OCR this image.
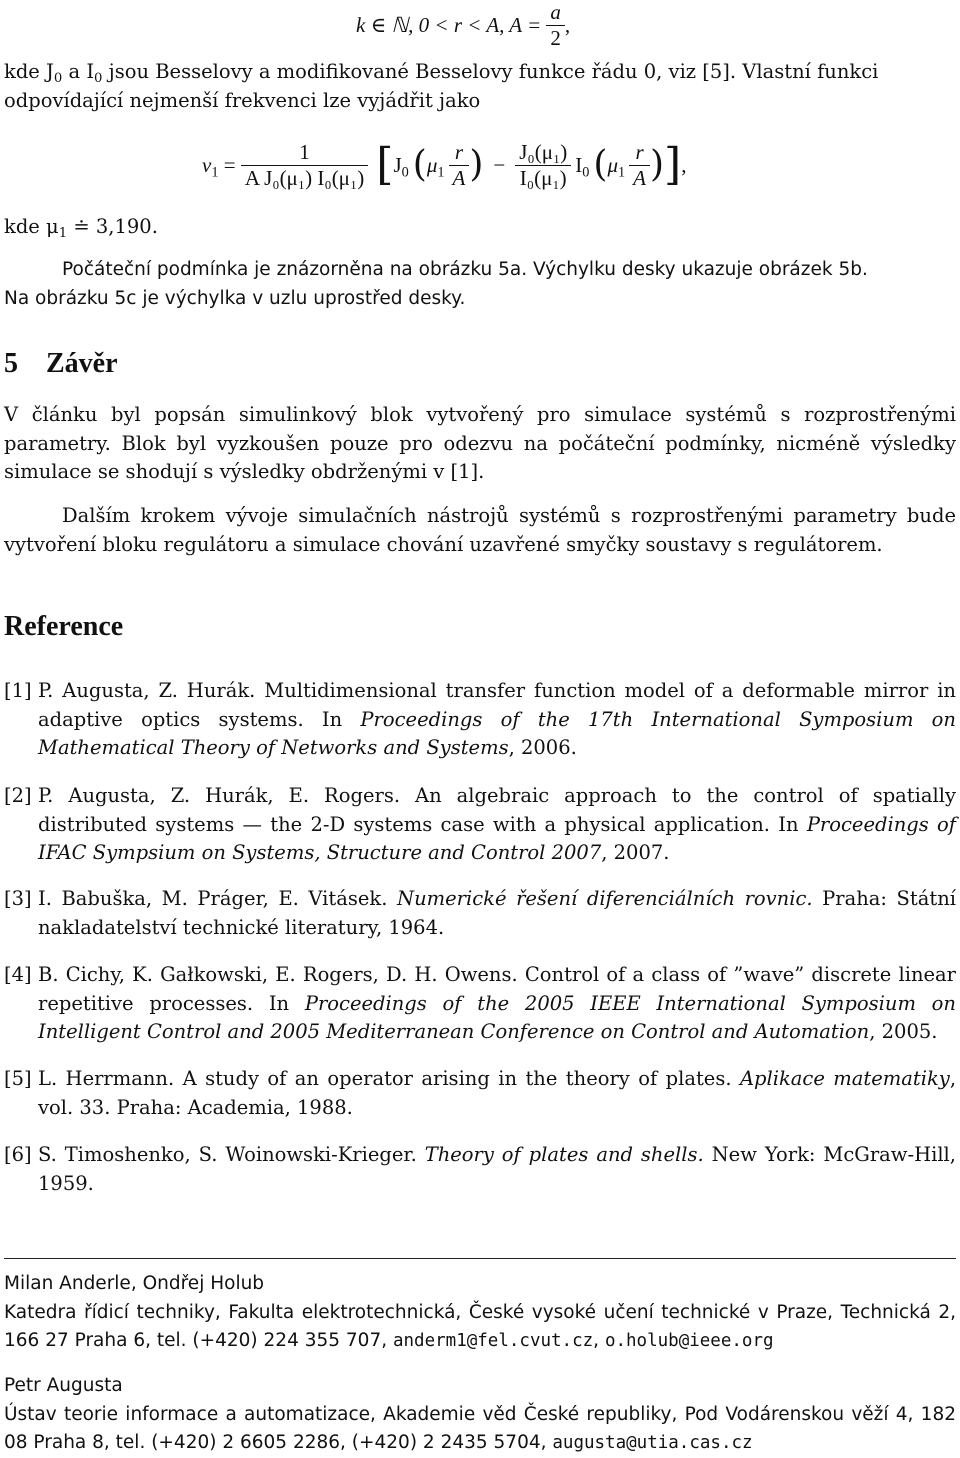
k ∈ ℕ, 0 < r < A, $A = \frac{a}{2}$ ,
kde $J_0$ a $I_0$ jsou Besselovy a modifikované Besselovy funkce řádu 0, viz [5]. Vlastní funkci
odpovídající nejmenší frekvenci lze vyjádřit jako
$v_1 = \frac{1}{\text{A J₀(μ₁) I₀(μ₁)}}$ [ $J_0$ ( $\mu_1 \frac{r}{A}$ ) − $\frac{\text{J₀(μ₁)}}{\text{I₀(μ₁)}} I_0$ ( $\mu_1 \frac{r}{A}$ ) ] ,
kde $\mu_1$ ≐ 3,190.
Počáteční podmínka je znázorněna na obrázku 5a. Výchylku desky ukazuje obrázek 5b.
Na obrázku 5c je výchylka v uzlu uprostřed desky.
5 Závěr
V článku byl popsán simulinkový blok vytvořený pro simulace systémů s rozprostřenými parametry. Blok byl vyzkoušen pouze pro odezvu na počáteční podmínky, nicméně výsledky simulace se shodují s výsledky obdrženými v [1].
Dalším krokem vývoje simulačních nástrojů systémů s rozprostřenými parametry bude vytvoření bloku regulátoru a simulace chování uzavřené smyčky soustavy s regulátorem.
Reference
[1] P. Augusta, Z. Hurák. Multidimensional transfer function model of a deformable mirror in adaptive optics systems. In Proceedings of the 17th International Symposium on Mathematical Theory of Networks and Systems, 2006.
[2] P. Augusta, Z. Hurák, E. Rogers. An algebraic approach to the control of spatially distributed systems — the 2-D systems case with a physical application. In Proceedings of IFAC Sympsium on Systems, Structure and Control 2007, 2007.
[3] I. Babuška, M. Práger, E. Vitásek. Numerické řešení diferenciálních rovnic. Praha: Státní nakladatelství technické literatury, 1964.
[4] B. Cichy, K. Gałkowski, E. Rogers, D. H. Owens. Control of a class of ”wave” discrete linear repetitive processes. In Proceedings of the 2005 IEEE International Symposium on Intelligent Control and 2005 Mediterranean Conference on Control and Automation, 2005.
[5] L. Herrmann. A study of an operator arising in the theory of plates. Aplikace matematiky, vol. 33. Praha: Academia, 1988.
[6] S. Timoshenko, S. Woinowski-Krieger. Theory of plates and shells. New York: McGraw-Hill, 1959.
Milan Anderle, Ondřej Holub
Katedra řídicí techniky, Fakulta elektrotechnická, České vysoké učení technické v Praze, Technická 2, 166 27 Praha 6, tel. (+420) 224 355 707, anderm1@fel.cvut.cz, o.holub@ieee.org
Petr Augusta
Ústav teorie informace a automatizace, Akademie věd České republiky, Pod Vodárenskou věží 4, 182 08 Praha 8, tel. (+420) 2 6605 2286, (+420) 2 2435 5704, augusta@utia.cas.cz
